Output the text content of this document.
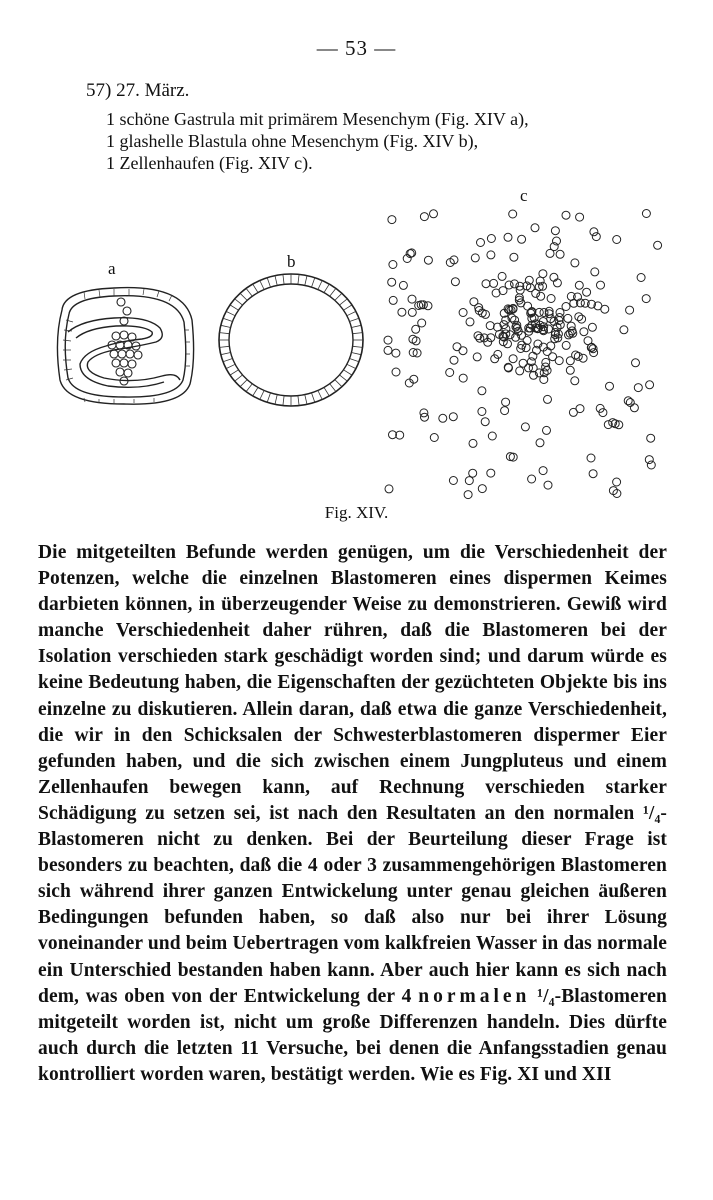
— 53 —
57) 27. März.
1 schöne Gastrula mit primärem Mesenchym (Fig. XIV a),
1 glashelle Blastula ohne Mesenchym (Fig. XIV b),
1 Zellenhaufen (Fig. XIV c).
a	b
c
Fig. XIV.

Die mitgeteilten Befunde werden genügen, um die Verschiedenheit der Potenzen, welche die einzelnen Blastomeren eines dispermen Keimes darbieten können, in überzeugender Weise zu demonstrieren. Gewiß wird manche Verschiedenheit daher rühren, daß die Blastomeren bei der Isolation verschieden stark geschädigt worden sind; und darum würde es keine Bedeutung haben, die Eigenschaften der gezüchteten Objekte bis ins einzelne zu diskutieren. Allein daran, daß etwa die ganze Verschiedenheit, die wir in den Schicksalen der Schwesterblastomeren dispermer Eier gefunden haben, und die sich zwischen einem Jungpluteus und einem Zellenhaufen bewegen kann, auf Rechnung verschieden starker Schädigung zu setzen sei, ist nach den Resultaten an den normalen ¹/₄-Blastomeren nicht zu denken. Bei der Beurteilung dieser Frage ist besonders zu beachten, daß die 4 oder 3 zusammengehörigen Blastomeren sich während ihrer ganzen Entwickelung unter genau gleichen äußeren Bedingungen befunden haben, so daß also nur bei ihrer Lösung voneinander und beim Uebertragen vom kalkfreien Wasser in das normale ein Unterschied bestanden haben kann. Aber auch hier kann es sich nach dem, was oben von der Entwickelung der 4 normalen ¹/₄-Blastomeren mitgeteilt worden ist, nicht um große Differenzen handeln. Dies dürfte auch durch die letzten 11 Versuche, bei denen die Anfangsstadien genau kontrolliert worden waren, bestätigt werden. Wie es Fig. XI und XII
